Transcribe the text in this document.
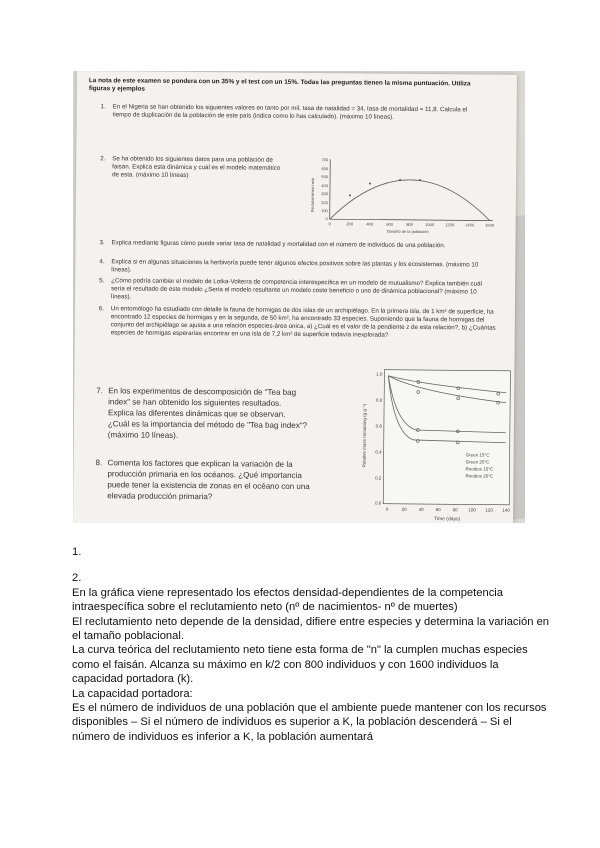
La nota de este examen se pondera con un 35% y el test con un 15%. Todas las preguntas tienen la misma puntuación. Utiliza figuras y ejemplos
1. En el Nigeria se han obtenido los siguientes valores en tanto por mil, tasa de natalidad = 34, tasa de mortalidad = 11,8. Calcula el tiempo de duplicación de la población de este país (indica como lo has calculado). (máximo 10 líneas).
2. Se ha obtenido los siguientes datos para una población de faisán. Explica esta dinámica y cuál es el modelo matemático de esta. (máximo 10 líneas)
700
600
500
400
300
200
100
0
0	200	400	600	800	1000	1200	1400	1600
Tamaño de la población
Reclutamiento neto
3. Explica mediante figuras cómo puede variar tasa de natalidad y mortalidad con el número de individuos de una población.
4. Explica si en algunas situaciones la herbivoría puede tener algunos efectos positivos sobre las plantas y los ecosistemas. (máximo 10 líneas).
5. ¿Cómo podría cambiar el modelo de Lotka-Volterra de competencia interespecífica en un modelo de mutualismo? Explica también cuál sería el resultado de este modelo ¿Sería el modelo resultante un modelo coste beneficio o uno de dinámica poblacional? (máximo 10 líneas).
6. Un entomólogo ha estudiado con detalle la fauna de hormigas de dos islas de un archipiélago. En la primera isla, de 1 km² de superficie, ha encontrado 12 especies de hormigas y en la segunda, de 50 km², ha encontrado 33 especies. Suponiendo que la fauna de hormigas del conjunto del archipiélago se ajusta a una relación especies-área única, a) ¿Cuál es el valor de la pendiente z de esta relación?, b) ¿Cuántas especies de hormigas esperarías encontrar en una isla de 7,2 km² de superficie todavía inexplorada?
7. En los experimentos de descomposición de "Tea bag index" se han obtenido los siguientes resultados. Explica las diferentes dinámicas que se observan. ¿Cuál es la importancia del método de "Tea bag index"? (máximo 10 líneas).
8. Comenta los factores que explican la variación de la producción primaria en los océanos. ¿Qué importancia puede tener la existencia de zonas en el océano con una elevada producción primaria?
1.0
0.8
0.6
0.4
0.2
0.0
0	20	40	60	80 100 120 140
Time (days)
Relative mass remaining (g g⁻¹)	Green 15°C
Green 25°C
Rooibos 15°C
Rooibos 25°C

1.

2.

En la gráfica viene representado los efectos densidad-dependientes de la competencia intraespecífica sobre el reclutamiento neto (nº de nacimientos- nº de muertes)

El reclutamiento neto depende de la densidad, difiere entre especies y determina la variación en el tamaño poblacional.

La curva teórica del reclutamiento neto tiene esta forma de "n" la cumplen muchas especies como el faisán. Alcanza su máximo en k/2 con 800 individuos y con 1600 individuos la capacidad portadora (k).

La capacidad portadora:

Es el número de individuos de una población que el ambiente puede mantener con los recursos disponibles – Si el número de individuos es superior a K, la población descenderá – Si el número de individuos es inferior a K, la población aumentará
